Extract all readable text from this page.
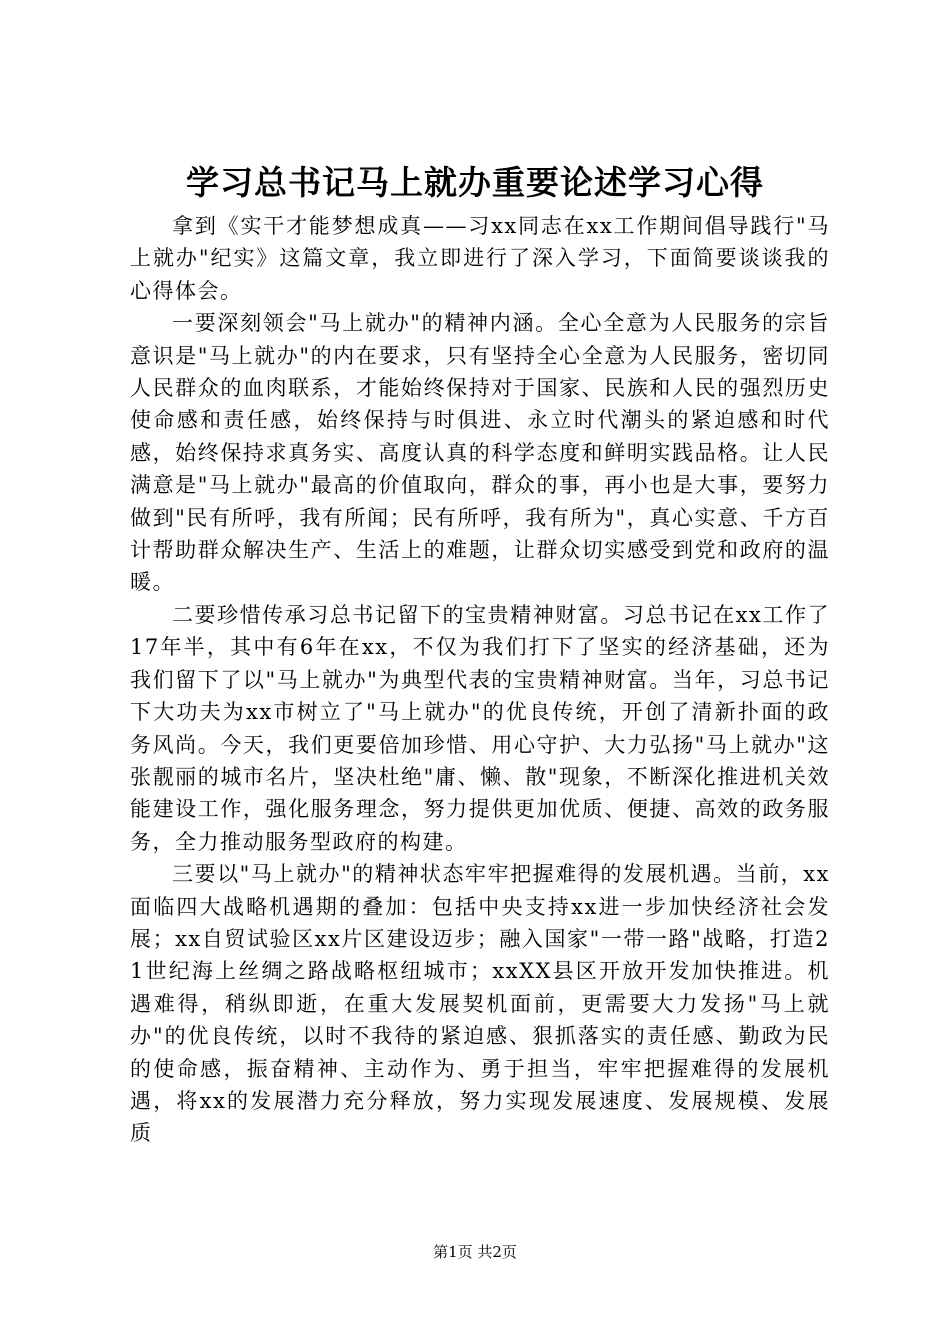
学习总书记马上就办重要论述学习心得

拿到《实干才能梦想成真——习xx同志在xx工作期间倡导践行"马上就办"纪实》这篇文章，我立即进行了深入学习，下面简要谈谈我的心得体会。

一要深刻领会"马上就办"的精神内涵。全心全意为人民服务的宗旨意识是"马上就办"的内在要求，只有坚持全心全意为人民服务，密切同人民群众的血肉联系，才能始终保持对于国家、民族和人民的强烈历史使命感和责任感，始终保持与时俱进、永立时代潮头的紧迫感和时代感，始终保持求真务实、高度认真的科学态度和鲜明实践品格。让人民满意是"马上就办"最高的价值取向，群众的事，再小也是大事，要努力做到"民有所呼，我有所闻；民有所呼，我有所为"，真心实意、千方百计帮助群众解决生产、生活上的难题，让群众切实感受到党和政府的温暖。

二要珍惜传承习总书记留下的宝贵精神财富。习总书记在xx工作了17年半，其中有6年在xx，不仅为我们打下了坚实的经济基础，还为我们留下了以"马上就办"为典型代表的宝贵精神财富。当年，习总书记下大功夫为xx市树立了"马上就办"的优良传统，开创了清新扑面的政务风尚。今天，我们更要倍加珍惜、用心守护、大力弘扬"马上就办"这张靓丽的城市名片，坚决杜绝"庸、懒、散"现象，不断深化推进机关效能建设工作，强化服务理念，努力提供更加优质、便捷、高效的政务服务，全力推动服务型政府的构建。

三要以"马上就办"的精神状态牢牢把握难得的发展机遇。当前，xx面临四大战略机遇期的叠加：包括中央支持xx进一步加快经济社会发展；xx自贸试验区xx片区建设迈步；融入国家"一带一路"战略，打造21世纪海上丝绸之路战略枢纽城市；xxXX县区开放开发加快推进。机遇难得，稍纵即逝，在重大发展契机面前，更需要大力发扬"马上就办"的优良传统，以时不我待的紧迫感、狠抓落实的责任感、勤政为民的使命感，振奋精神、主动作为、勇于担当，牢牢把握难得的发展机遇，将xx的发展潜力充分释放，努力实现发展速度、发展规模、发展质

第1页 共2页
